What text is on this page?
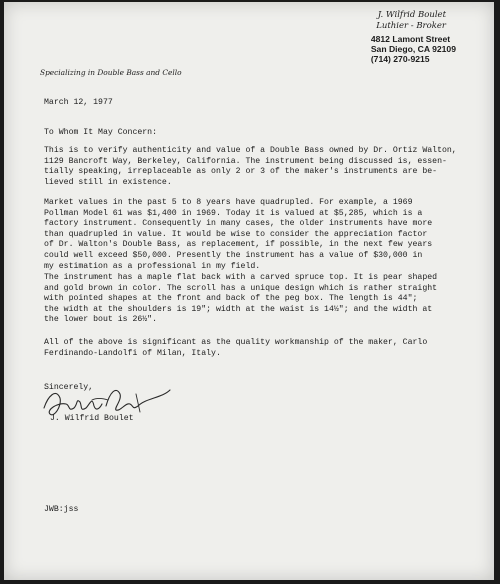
J. Wilfrid Boulet
Luthier - Broker
4812 Lamont Street
San Diego, CA 92109
(714) 270-9215
Specializing in Double Bass and Cello

March 12, 1977

To Whom It May Concern:

This is to verify authenticity and value of a Double Bass owned by Dr. Ortiz Walton,
1129 Bancroft Way, Berkeley, California. The instrument being discussed is, essen-
tially speaking, irreplaceable as only 2 or 3 of the maker's instruments are be-
lieved still in existence.

Market values in the past 5 to 8 years have quadrupled. For example, a 1969
Pollman Model 61 was $1,400 in 1969. Today it is valued at $5,285, which is a
factory instrument. Consequently in many cases, the older instruments have more
than quadrupled in value. It would be wise to consider the appreciation factor
of Dr. Walton's Double Bass, as replacement, if possible, in the next few years
could well exceed $50,000. Presently the instrument has a value of $30,000 in
my estimation as a professional in my field.

The instrument has a maple flat back with a carved spruce top. It is pear shaped
and gold brown in color. The scroll has a unique design which is rather straight
with pointed shapes at the front and back of the peg box. The length is 44";
the width at the shoulders is 19"; width at the waist is 14½"; and the width at
the lower bout is 26½".

All of the above is significant as the quality workmanship of the maker, Carlo
Ferdinando-Landolfi of Milan, Italy.

Sincerely,

J. Wilfrid Boulet

JWB:jss
